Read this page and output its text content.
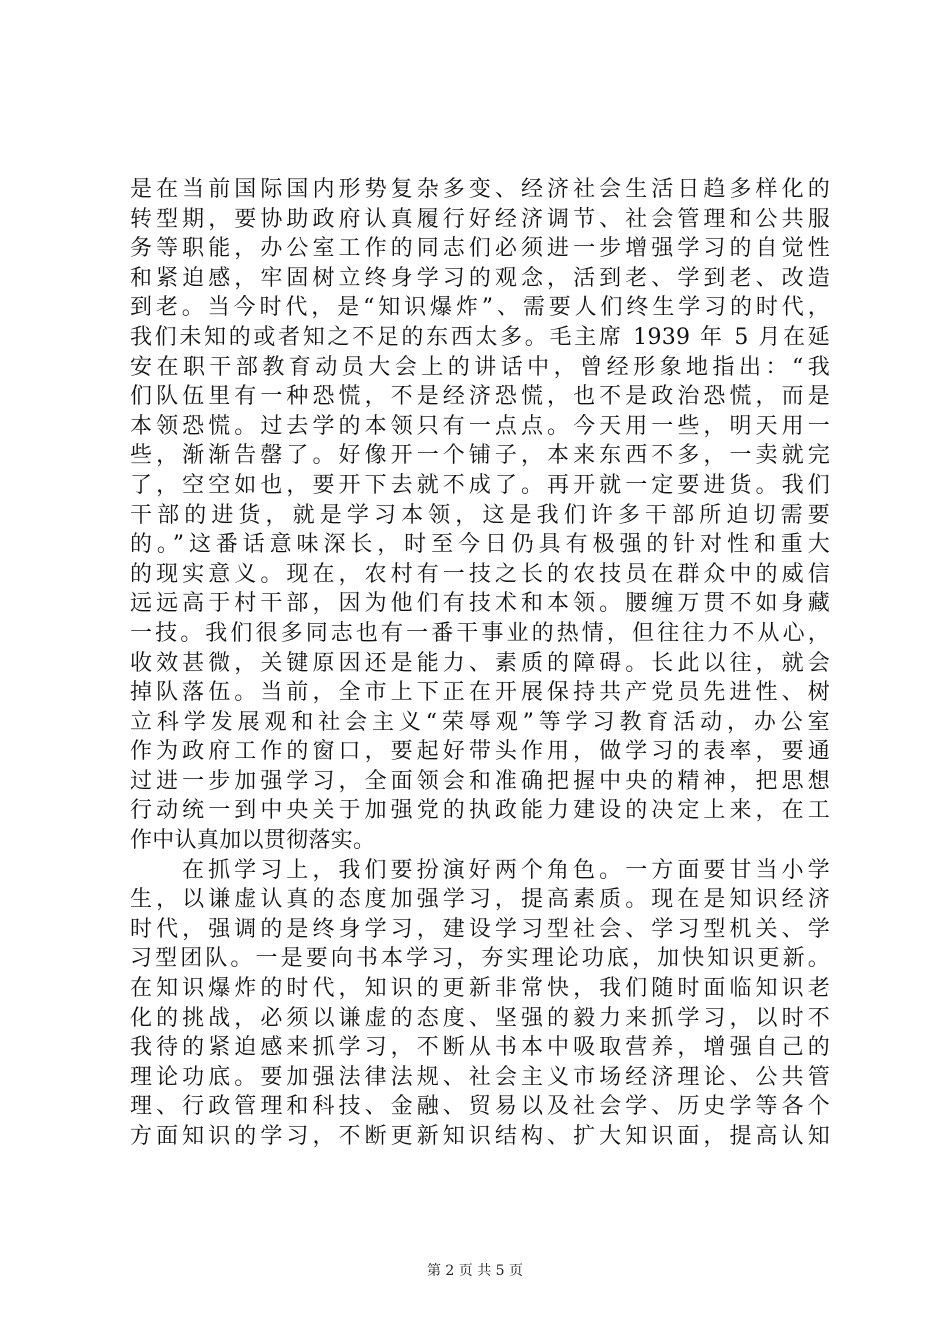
是在当前国际国内形势复杂多变、经济社会生活日趋多样化的
转型期，要协助政府认真履行好经济调节、社会管理和公共服
务等职能，办公室工作的同志们必须进一步增强学习的自觉性
和紧迫感，牢固树立终身学习的观念，活到老、学到老、改造
到老。当今时代，是“知识爆炸”、需要人们终生学习的时代，
我们未知的或者知之不足的东西太多。毛主席 1939 年 5 月在延
安在职干部教育动员大会上的讲话中，曾经形象地指出：“我
们队伍里有一种恐慌，不是经济恐慌，也不是政治恐慌，而是
本领恐慌。过去学的本领只有一点点。今天用一些，明天用一
些，渐渐告罄了。好像开一个铺子，本来东西不多，一卖就完
了，空空如也，要开下去就不成了。再开就一定要进货。我们
干部的进货，就是学习本领，这是我们许多干部所迫切需要
的。”这番话意味深长，时至今日仍具有极强的针对性和重大
的现实意义。现在，农村有一技之长的农技员在群众中的威信
远远高于村干部，因为他们有技术和本领。腰缠万贯不如身藏
一技。我们很多同志也有一番干事业的热情，但往往力不从心，
收效甚微，关键原因还是能力、素质的障碍。长此以往，就会
掉队落伍。当前，全市上下正在开展保持共产党员先进性、树
立科学发展观和社会主义“荣辱观”等学习教育活动，办公室
作为政府工作的窗口，要起好带头作用，做学习的表率，要通
过进一步加强学习，全面领会和准确把握中央的精神，把思想
行动统一到中央关于加强党的执政能力建设的决定上来，在工
作中认真加以贯彻落实。
在抓学习上，我们要扮演好两个角色。一方面要甘当小学
生，以谦虚认真的态度加强学习，提高素质。现在是知识经济
时代，强调的是终身学习，建设学习型社会、学习型机关、学
习型团队。一是要向书本学习，夯实理论功底，加快知识更新。
在知识爆炸的时代，知识的更新非常快，我们随时面临知识老
化的挑战，必须以谦虚的态度、坚强的毅力来抓学习，以时不
我待的紧迫感来抓学习，不断从书本中吸取营养，增强自己的
理论功底。要加强法律法规、社会主义市场经济理论、公共管
理、行政管理和科技、金融、贸易以及社会学、历史学等各个
方面知识的学习，不断更新知识结构、扩大知识面，提高认知
第 2 页 共 5 页
